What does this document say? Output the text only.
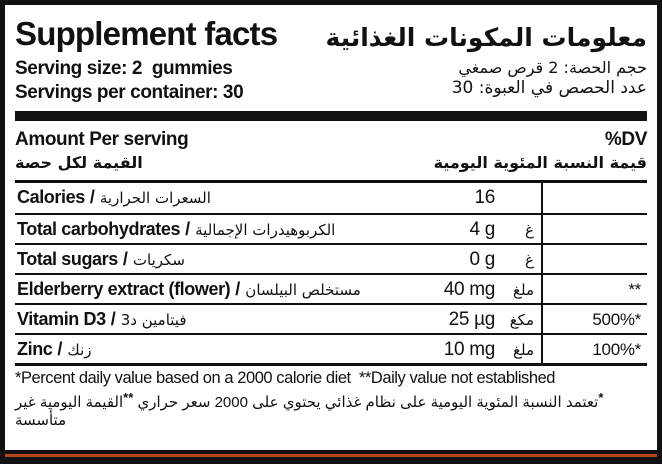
Supplement facts معلومات المكونات الغذائية
Serving size: 2  gummies
Servings per container: 30
حجم الحصة: 2 قرص صمغي
عدد الحصص في العبوة: 30
Amount Per serving	%DV
القيمة لكل حصة	قيمة النسبة المئوية اليومية
Calories / السعرات الحرارية	16
Total carbohydrates / الكربوهيدرات الإجمالية	4 g	غ
Total sugars / سكريات	0 g	غ
Elderberry extract (flower) / مستخلص البيلسان	40 mg	ملغ	**
Vitamin D3 / فيتامين د3	25 µg مكغ	500%*
Zinc / زنك	10 mg	ملغ	100%*
*Percent daily value based on a 2000 calorie diet  **Daily value not established
*تعتمد النسبة المئوية اليومية على نظام غذائي يحتوي على 2000 سعر حراري **القيمة اليومية غير متأسسة
